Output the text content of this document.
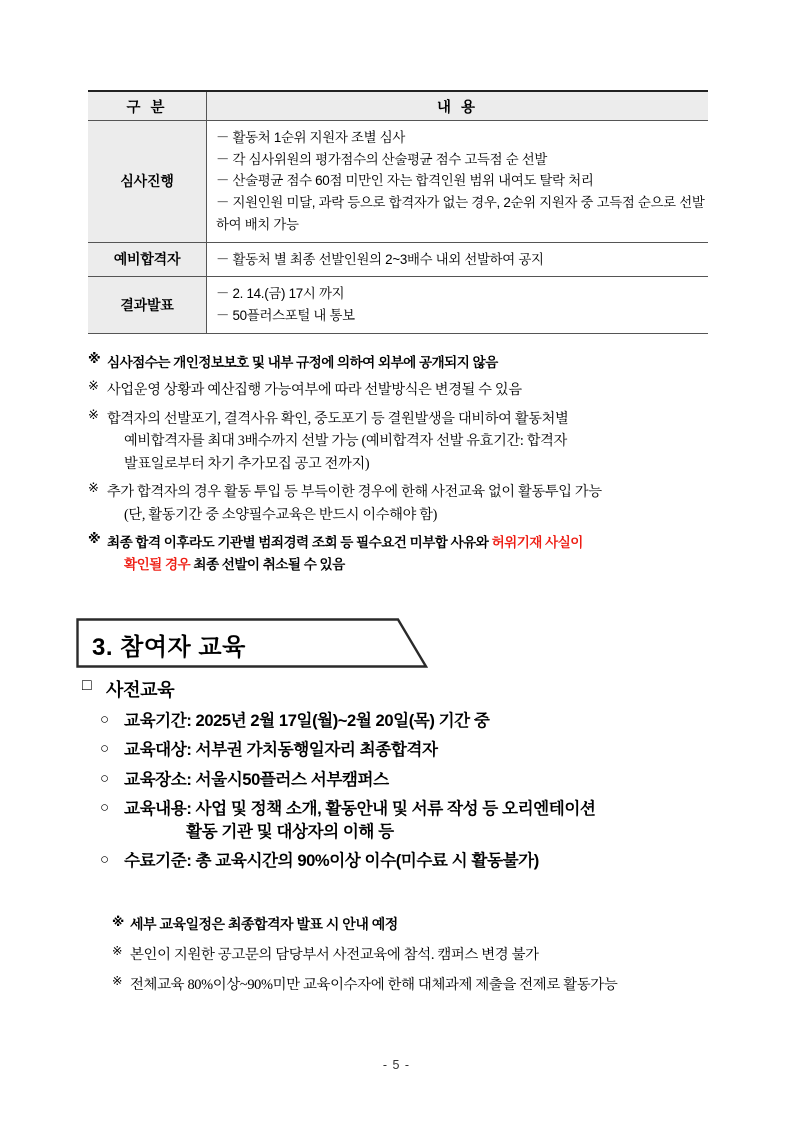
구 분	내 용
심사진행	－ 활동처 1순위 지원자 조별 심사
－ 각 심사위원의 평가점수의 산술평균 점수 고득점 순 선발
－ 산술평균 점수 60점 미만인 자는 합격인원 범위 내여도 탈락 처리
－ 지원인원 미달, 과락 등으로 합격자가 없는 경우, 2순위 지원자 중 고득점 순으로 선발하여 배치 가능
예비합격자	－ 활동처 별 최종 선발인원의 2~3배수 내외 선발하여 공지
결과발표	－ 2. 14.(금) 17시 까지
－ 50플러스포털 내 통보
※ 심사점수는 개인정보보호 및 내부 규정에 의하여 외부에 공개되지 않음
※ 사업운영 상황과 예산집행 가능여부에 따라 선발방식은 변경될 수 있음
※ 합격자의 선발포기, 결격사유 확인, 중도포기 등 결원발생을 대비하여 활동처별
예비합격자를 최대 3배수까지 선발 가능 (예비합격자 선발 유효기간: 합격자
발표일로부터 차기 추가모집 공고 전까지)
※ 추가 합격자의 경우 활동 투입 등 부득이한 경우에 한해 사전교육 없이 활동투입 가능
(단, 활동기간 중 소양필수교육은 반드시 이수해야 함)
※ 최종 합격 이후라도 기관별 범죄경력 조회 등 필수요건 미부합 사유와 허위기재 사실이
확인될 경우 최종 선발이 취소될 수 있음
3. 참여자 교육
□ 사전교육
○ 교육기간: 2025년 2월 17일(월)~2월 20일(목) 기간 중
○ 교육대상: 서부권 가치동행일자리 최종합격자
○ 교육장소: 서울시50플러스 서부캠퍼스
○ 교육내용: 사업 및 정책 소개, 활동안내 및 서류 작성 등 오리엔테이션
활동 기관 및 대상자의 이해 등
○ 수료기준: 총 교육시간의 90%이상 이수(미수료 시 활동불가)
※ 세부 교육일정은 최종합격자 발표 시 안내 예정
※ 본인이 지원한 공고문의 담당부서 사전교육에 참석. 캠퍼스 변경 불가
※ 전체교육 80%이상~90%미만 교육이수자에 한해 대체과제 제출을 전제로 활동가능
- 5 -
